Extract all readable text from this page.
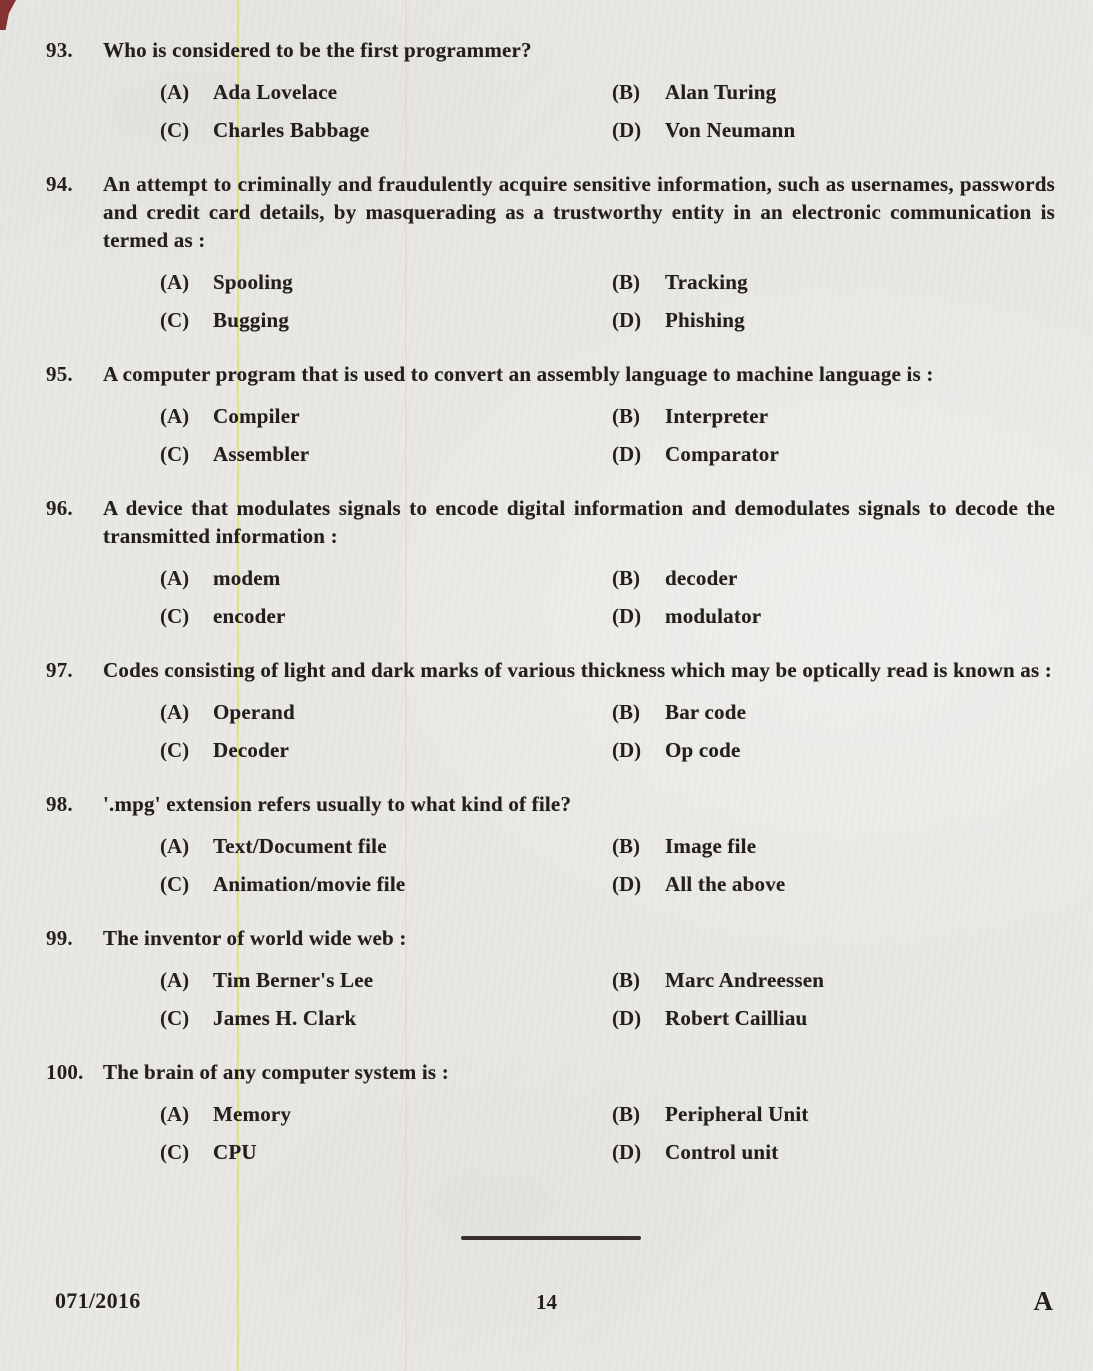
93.	Who is considered to be the first programmer?

(A)	Ada Lovelace	(B)	Alan Turing
(C)	Charles Babbage	(D)	Von Neumann
94.	An attempt to criminally and fraudulently acquire sensitive information, such as usernames, passwords and credit card details, by masquerading as a trustworthy entity in an electronic communication is termed as :

(A)	Spooling	(B)	Tracking
(C)	Bugging	(D)	Phishing
95.	A computer program that is used to convert an assembly language to machine language is :

(A)	Compiler	(B)	Interpreter
(C)	Assembler	(D)	Comparator
96.	A device that modulates signals to encode digital information and demodulates signals to decode the transmitted information :

(A)	modem	(B)	decoder
(C)	encoder	(D)	modulator
97.	Codes consisting of light and dark marks of various thickness which may be optically read is known as :

(A)	Operand	(B)	Bar code
(C)	Decoder	(D)	Op code
98.	'.mpg' extension refers usually to what kind of file?

(A)	Text/Document file	(B)	Image file
(C)	Animation/movie file	(D)	All the above
99.	The inventor of world wide web :

(A)	Tim Berner's Lee	(B)	Marc Andreessen
(C)	James H. Clark	(D)	Robert Cailliau
100. The brain of any computer system is :

(A)	Memory	(B)	Peripheral Unit
(C)	CPU	(D)	Control unit
071/2016	14	A
